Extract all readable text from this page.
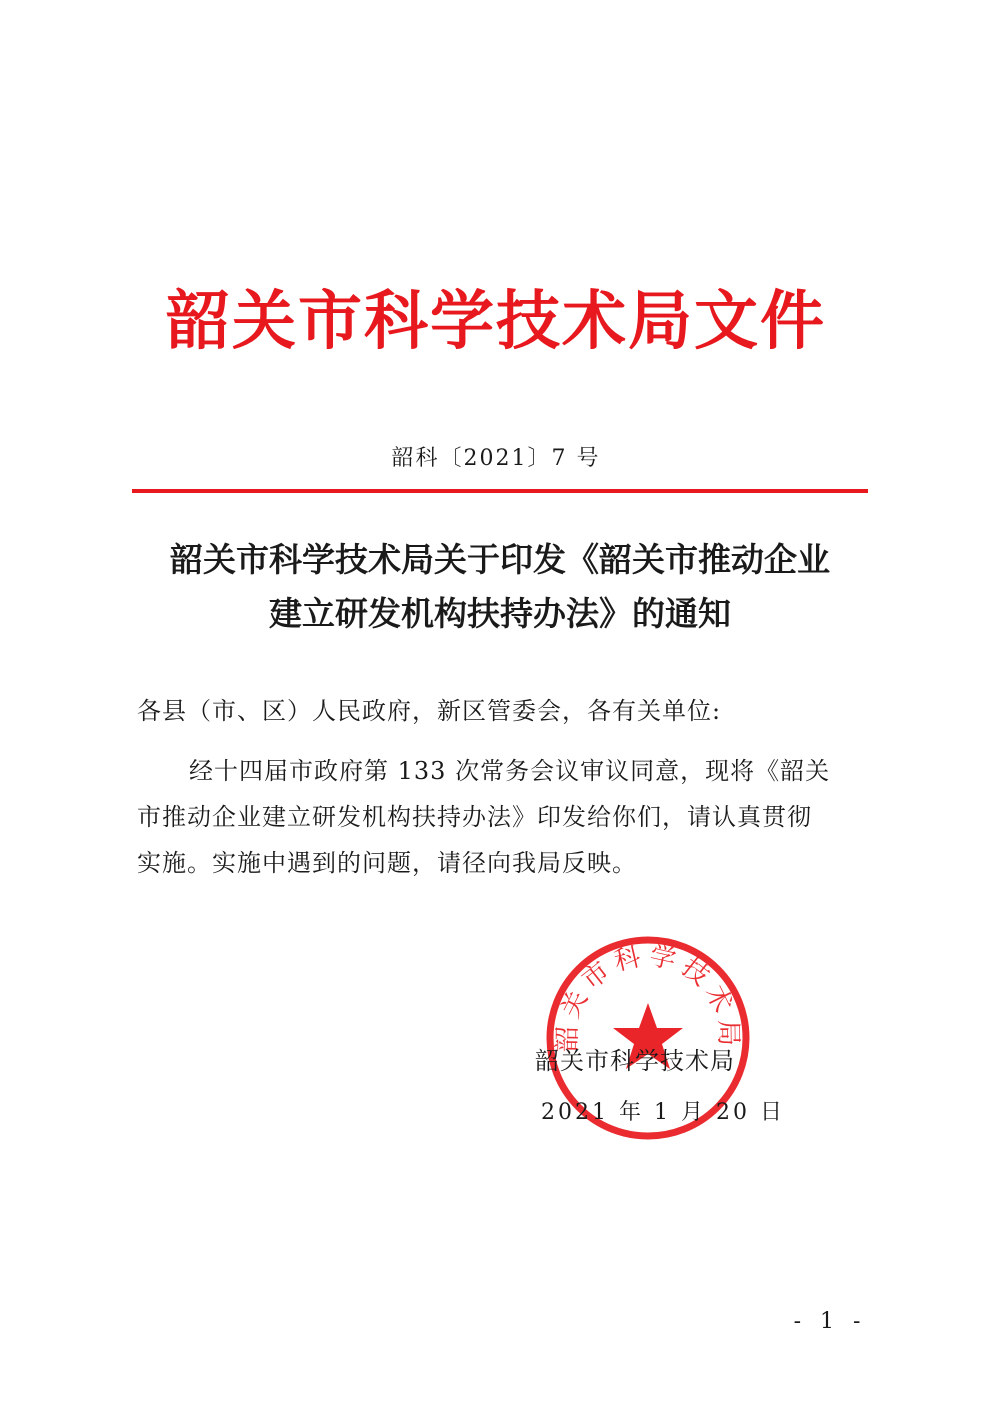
韶关市科学技术局文件
韶科〔2021〕7 号
韶关市科学技术局关于印发《韶关市推动企业
建立研发机构扶持办法》的通知
各县（市、区）人民政府，新区管委会，各有关单位:
经十四届市政府第 133 次常务会议审议同意，现将《韶关
市推动企业建立研发机构扶持办法》印发给你们，请认真贯彻
实施。实施中遇到的问题，请径向我局反映。
韶关市科学技术局
韶关市科学技术局
2021 年 1 月 20 日
- 1 -
